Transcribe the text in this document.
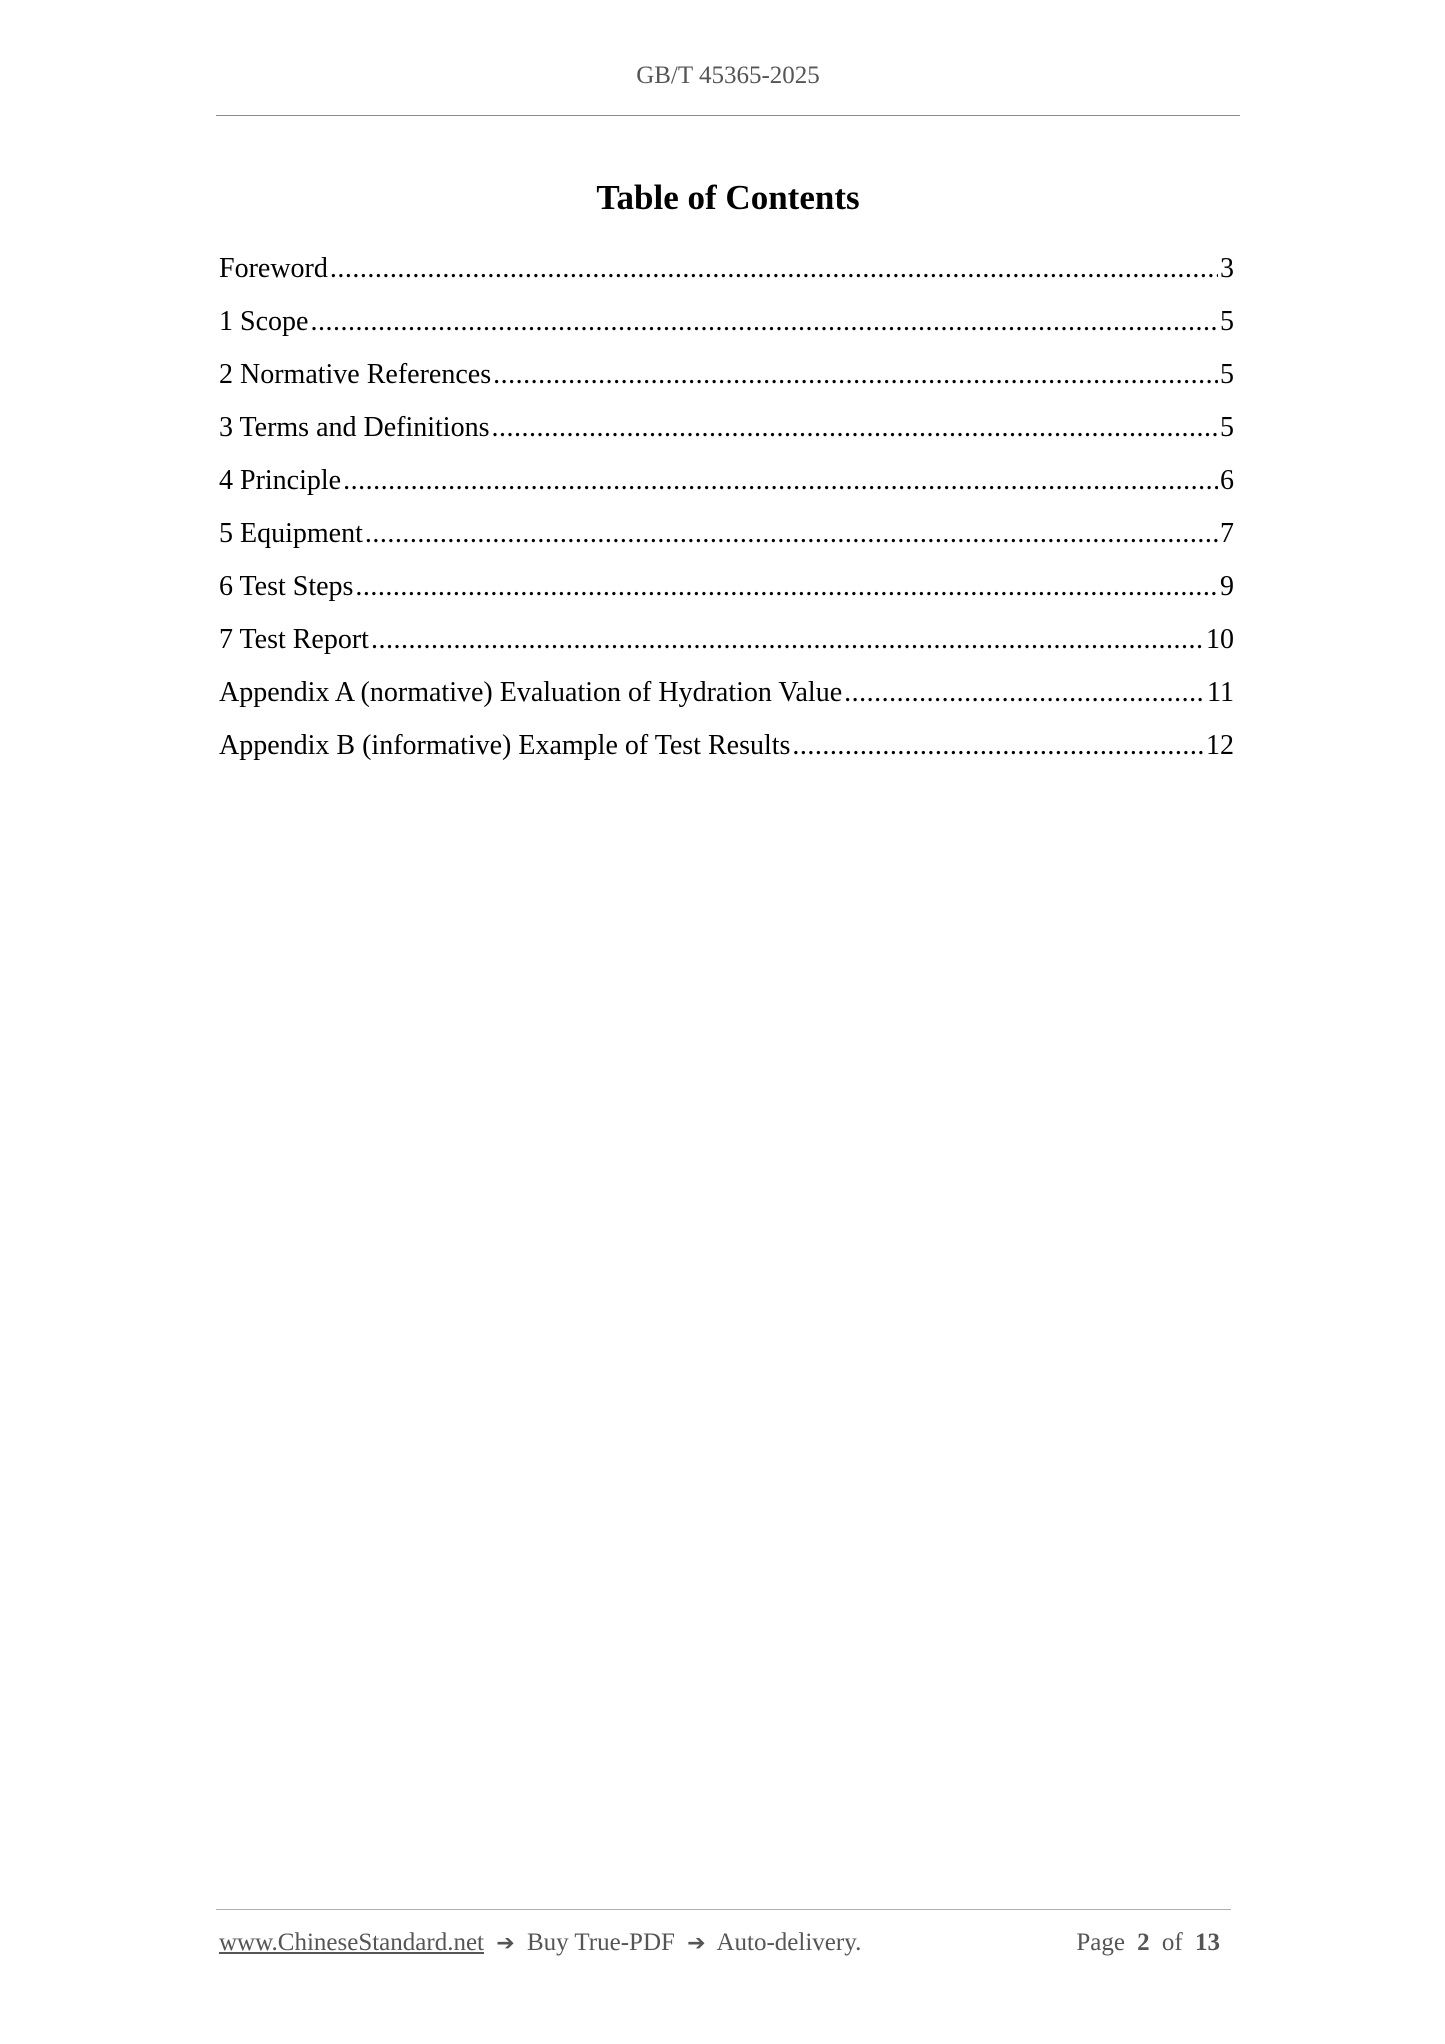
GB/T 45365-2025
Table of Contents
Foreword .....	3
1 Scope .....	5
2 Normative References .....	5
3 Terms and Definitions .....	5
4 Principle .....	6
5 Equipment .....	7
6 Test Steps .....	9
7 Test Report .....	10
Appendix A (normative) Evaluation of Hydration Value .....	11
Appendix B (informative) Example of Test Results .....	12
www.ChineseStandard.net ➔ Buy True-PDF ➔ Auto-delivery.	Page 2 of 13
